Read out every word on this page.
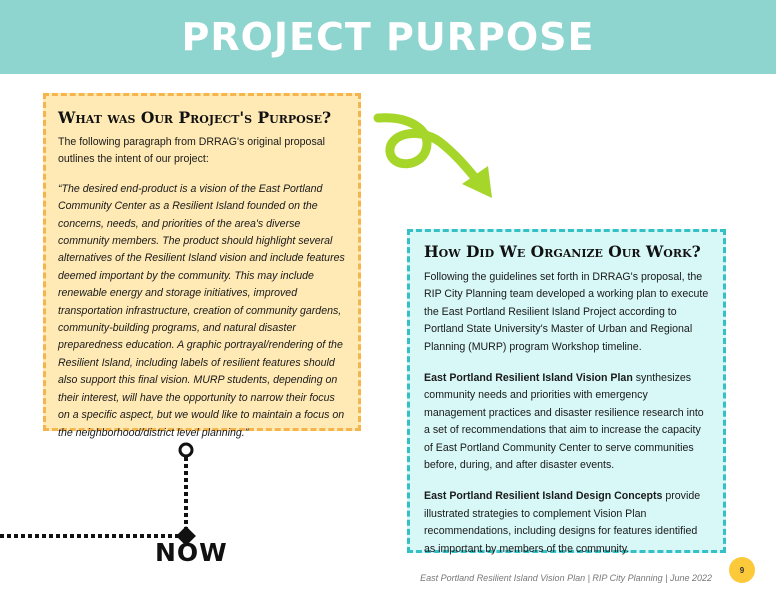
PROJECT PURPOSE
What was Our Project's Purpose?

The following paragraph from DRRAG's original proposal outlines the intent of our project:

“The desired end-product is a vision of the East Portland Community Center as a Resilient Island founded on the concerns, needs, and priorities of the area's diverse community members. The product should highlight several alternatives of the Resilient Island vision and include features deemed important by the community. This may include renewable energy and storage initiatives, improved transportation infrastructure, creation of community gardens, community-building programs, and natural disaster preparedness education. A graphic portrayal/rendering of the Resilient Island, including labels of resilient features should also support this final vision. MURP students, depending on their interest, will have the opportunity to narrow their focus on a specific aspect, but we would like to maintain a focus on the neighborhood/district level planning.”

How Did We Organize Our Work?

Following the guidelines set forth in DRRAG's proposal, the RIP City Planning team developed a working plan to execute the East Portland Resilient Island Project according to Portland State University's Master of Urban and Regional Planning (MURP) program Workshop timeline.

East Portland Resilient Island Vision Plan synthesizes community needs and priorities with emergency management practices and disaster resilience research into a set of recommendations that aim to increase the capacity of East Portland Community Center to serve communities before, during, and after disaster events.

East Portland Resilient Island Design Concepts provide illustrated strategies to complement Vision Plan recommendations, including designs for features identified as important by members of the community.

NOW
East Portland Resilient Island Vision Plan | RIP City Planning | June 2022
9
